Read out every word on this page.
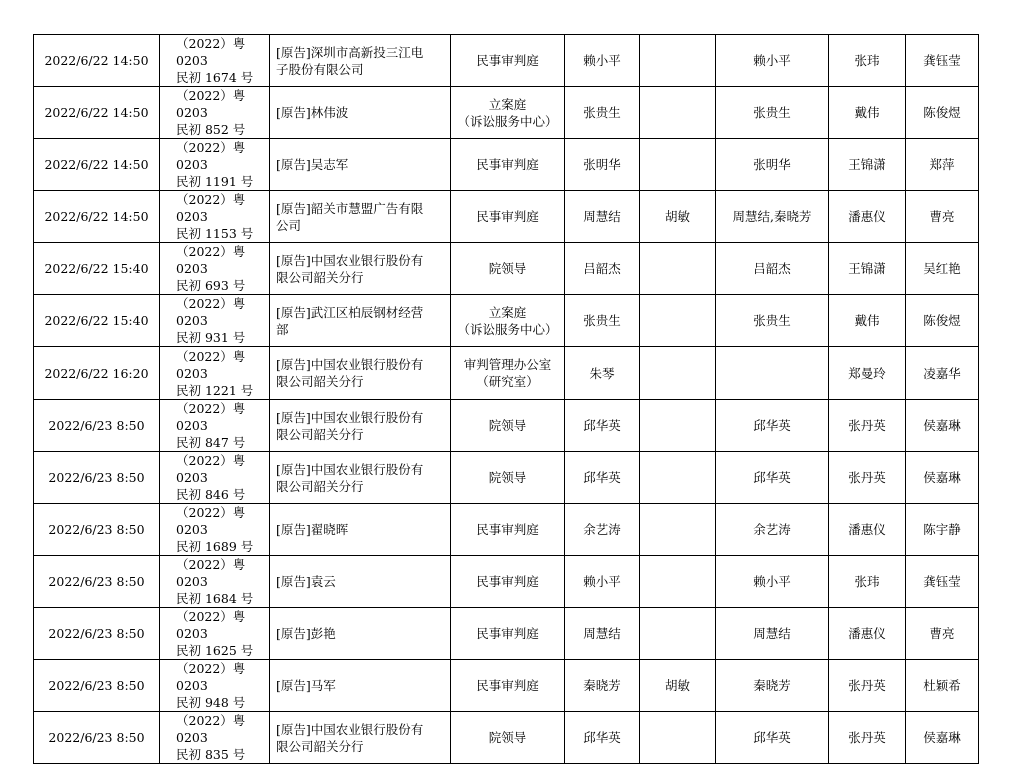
2022/6/22 14:50	（2022）粤 0203
民初 1674 号	[原告]深圳市高新投三江电
子股份有限公司	民事审判庭	赖小平		赖小平	张玮	龚钰莹
2022/6/22 14:50	（2022）粤 0203
民初 852 号	[原告]林伟波	立案庭
（诉讼服务中心）	张贵生		张贵生	戴伟	陈俊煜
2022/6/22 14:50	（2022）粤 0203
民初 1191 号	[原告]吴志军	民事审判庭	张明华		张明华	王锦潇	郑萍
2022/6/22 14:50	（2022）粤 0203
民初 1153 号	[原告]韶关市慧盟广告有限
公司	民事审判庭	周慧结	胡敏	周慧结,秦晓芳	潘惠仪	曹亮
2022/6/22 15:40	（2022）粤 0203
民初 693 号	[原告]中国农业银行股份有
限公司韶关分行	院领导	吕韶杰		吕韶杰	王锦潇	吴红艳
2022/6/22 15:40	（2022）粤 0203
民初 931 号	[原告]武江区柏辰钢材经营
部	立案庭
（诉讼服务中心）	张贵生		张贵生	戴伟	陈俊煜
2022/6/22 16:20	（2022）粤 0203
民初 1221 号	[原告]中国农业银行股份有
限公司韶关分行	审判管理办公室
（研究室）	朱琴			郑曼玲	凌嘉华
2022/6/23 8:50	（2022）粤 0203
民初 847 号	[原告]中国农业银行股份有
限公司韶关分行	院领导	邱华英		邱华英	张丹英	侯嘉琳
2022/6/23 8:50	（2022）粤 0203
民初 846 号	[原告]中国农业银行股份有
限公司韶关分行	院领导	邱华英		邱华英	张丹英	侯嘉琳
2022/6/23 8:50	（2022）粤 0203
民初 1689 号	[原告]翟晓晖	民事审判庭	余艺涛		余艺涛	潘惠仪	陈宇静
2022/6/23 8:50	（2022）粤 0203
民初 1684 号	[原告]袁云	民事审判庭	赖小平		赖小平	张玮	龚钰莹
2022/6/23 8:50	（2022）粤 0203
民初 1625 号	[原告]彭艳	民事审判庭	周慧结		周慧结	潘惠仪	曹亮
2022/6/23 8:50	（2022）粤 0203
民初 948 号	[原告]马军	民事审判庭	秦晓芳	胡敏	秦晓芳	张丹英	杜颖希
2022/6/23 8:50	（2022）粤 0203
民初 835 号	[原告]中国农业银行股份有
限公司韶关分行	院领导	邱华英		邱华英	张丹英	侯嘉琳
